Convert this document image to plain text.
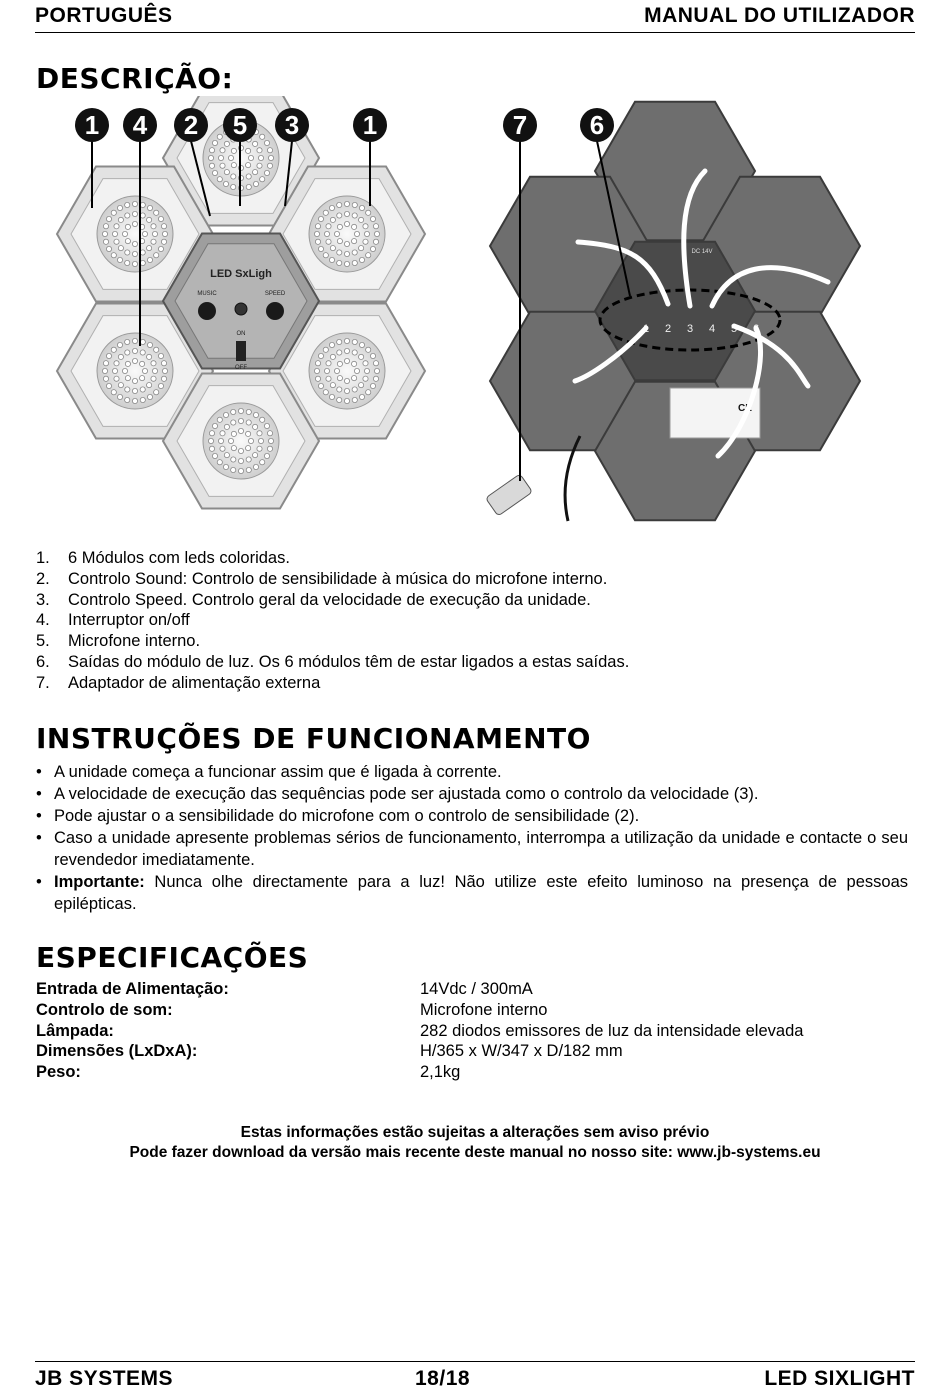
PORTUGUÊS	MANUAL DO UTILIZADOR
DESCRIÇÃO:
LED SxLigh
MUSIC	SPEED
ON
OFF
CE
DC 14V
1 2 3 4 5 6
1 4 2 5 3 1	7 6
1. 6 Módulos com leds coloridas.
2. Controlo Sound: Controlo de sensibilidade à música do microfone interno.
3. Controlo Speed. Controlo geral da velocidade de execução da unidade.
4. Interruptor on/off
5. Microfone interno.
6. Saídas do módulo de luz. Os 6 módulos têm de estar ligados a estas saídas.
7. Adaptador de alimentação externa
INSTRUÇÕES DE FUNCIONAMENTO
• A unidade começa a funcionar assim que é ligada à corrente.
• A velocidade de execução das sequências pode ser ajustada como o controlo da velocidade (3).
• Pode ajustar o a sensibilidade do microfone com o controlo de sensibilidade (2).
• Caso a unidade apresente problemas sérios de funcionamento, interrompa a utilização da unidade e contacte o seu revendedor imediatamente.
• Importante: Nunca olhe directamente para a luz! Não utilize este efeito luminoso na presença de pessoas epilépticas.
ESPECIFICAÇÕES
Entrada de Alimentação:	14Vdc / 300mA
Controlo de som:	Microfone interno
Lâmpada:	282 diodos emissores de luz da intensidade elevada
Dimensões (LxDxA):	H/365 x W/347 x D/182 mm
Peso:	2,1kg
Estas informações estão sujeitas a alterações sem aviso prévio
Pode fazer download da versão mais recente deste manual no nosso site: www.jb-systems.eu
JB SYSTEMS	18/18	LED SIXLIGHT
